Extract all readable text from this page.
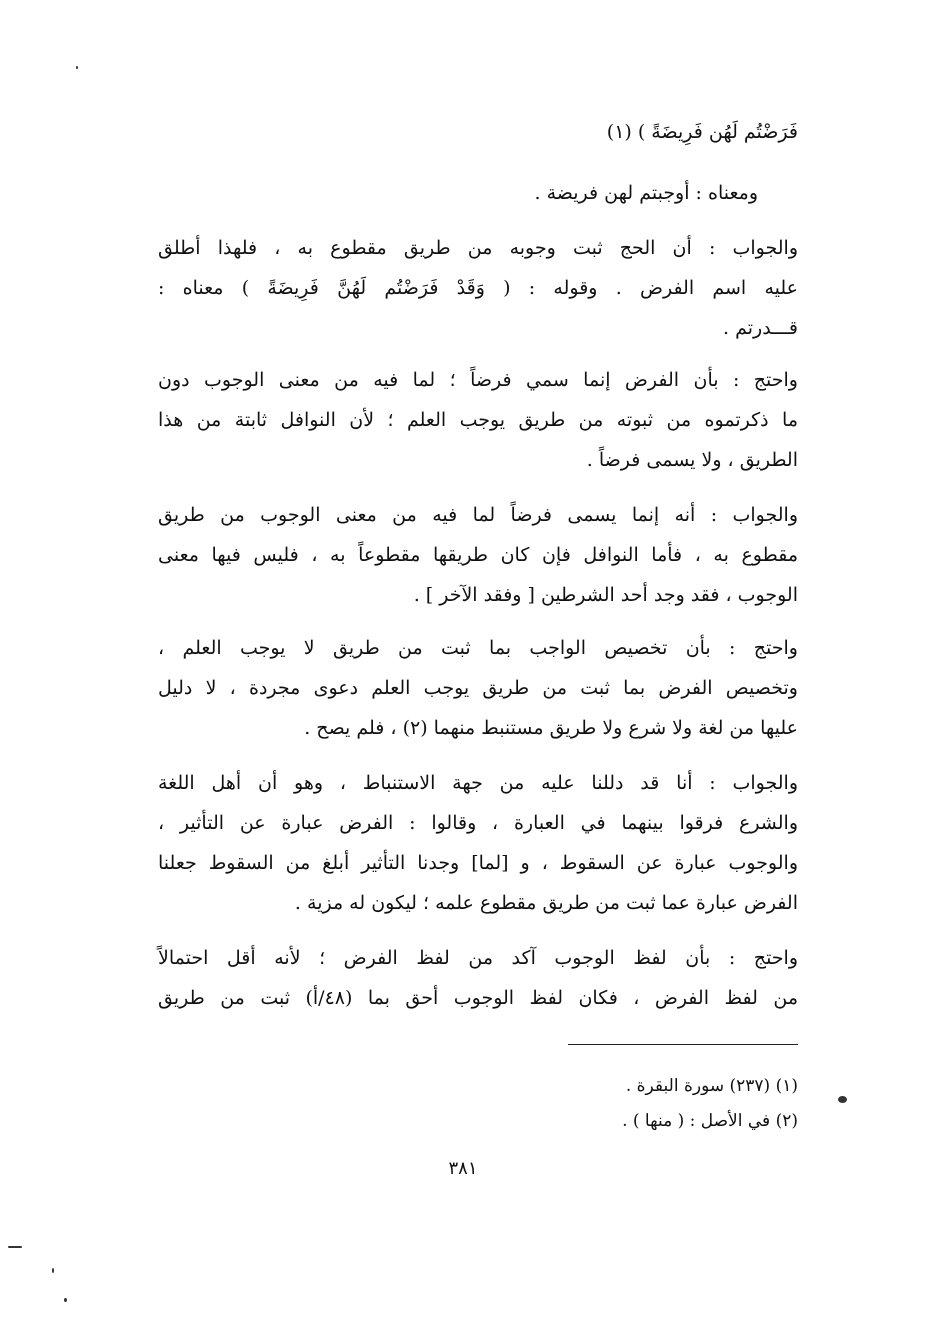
فَرَضْتُم لَهُن فَرِيضَةً ) (١)
ومعناه : أوجبتم لهن فريضة .
والجواب : أن الحج ثبت وجوبه من طريق مقطوع به ، فلهذا أطلق
عليه اسم الفرض . وقوله : ( وَقَدْ فَرَضْتُم لَهُنَّ فَرِيضَةً ) معناه :
قـــدرتم .
واحتج : بأن الفرض إنما سمي فرضاً ؛ لما فيه من معنى الوجوب دون
ما ذكرتموه من ثبوته من طريق يوجب العلم ؛ لأن النوافل ثابتة من هذا
الطريق ، ولا يسمى فرضاً .
والجواب : أنه إنما يسمى فرضاً لما فيه من معنى الوجوب من طريق
مقطوع به ، فأما النوافل فإن كان طريقها مقطوعاً به ، فليس فيها معنى
الوجوب ، فقد وجد أحد الشرطين [ وفقد الآخر ] .
واحتج : بأن تخصيص الواجب بما ثبت من طريق لا يوجب العلم ،
وتخصيص الفرض بما ثبت من طريق يوجب العلم دعوى مجردة ، لا دليل
عليها من لغة ولا شرع ولا طريق مستنبط منهما (٢) ، فلم يصح .
والجواب : أنا قد دللنا عليه من جهة الاستنباط ، وهو أن أهل اللغة
والشرع فرقوا بينهما في العبارة ، وقالوا : الفرض عبارة عن التأثير ،
والوجوب عبارة عن السقوط ، و [لما] وجدنا التأثير أبلغ من السقوط جعلنا
الفرض عبارة عما ثبت من طريق مقطوع علمه ؛ ليكون له مزية .
واحتج : بأن لفظ الوجوب آكد من لفظ الفرض ؛ لأنه أقل احتمالاً
من لفظ الفرض ، فكان لفظ الوجوب أحق بما (٤٨/أ) ثبت من طريق
(١) (٢٣٧) سورة البقرة .
(٢) في الأصل : ( منها ) .
٣٨١
